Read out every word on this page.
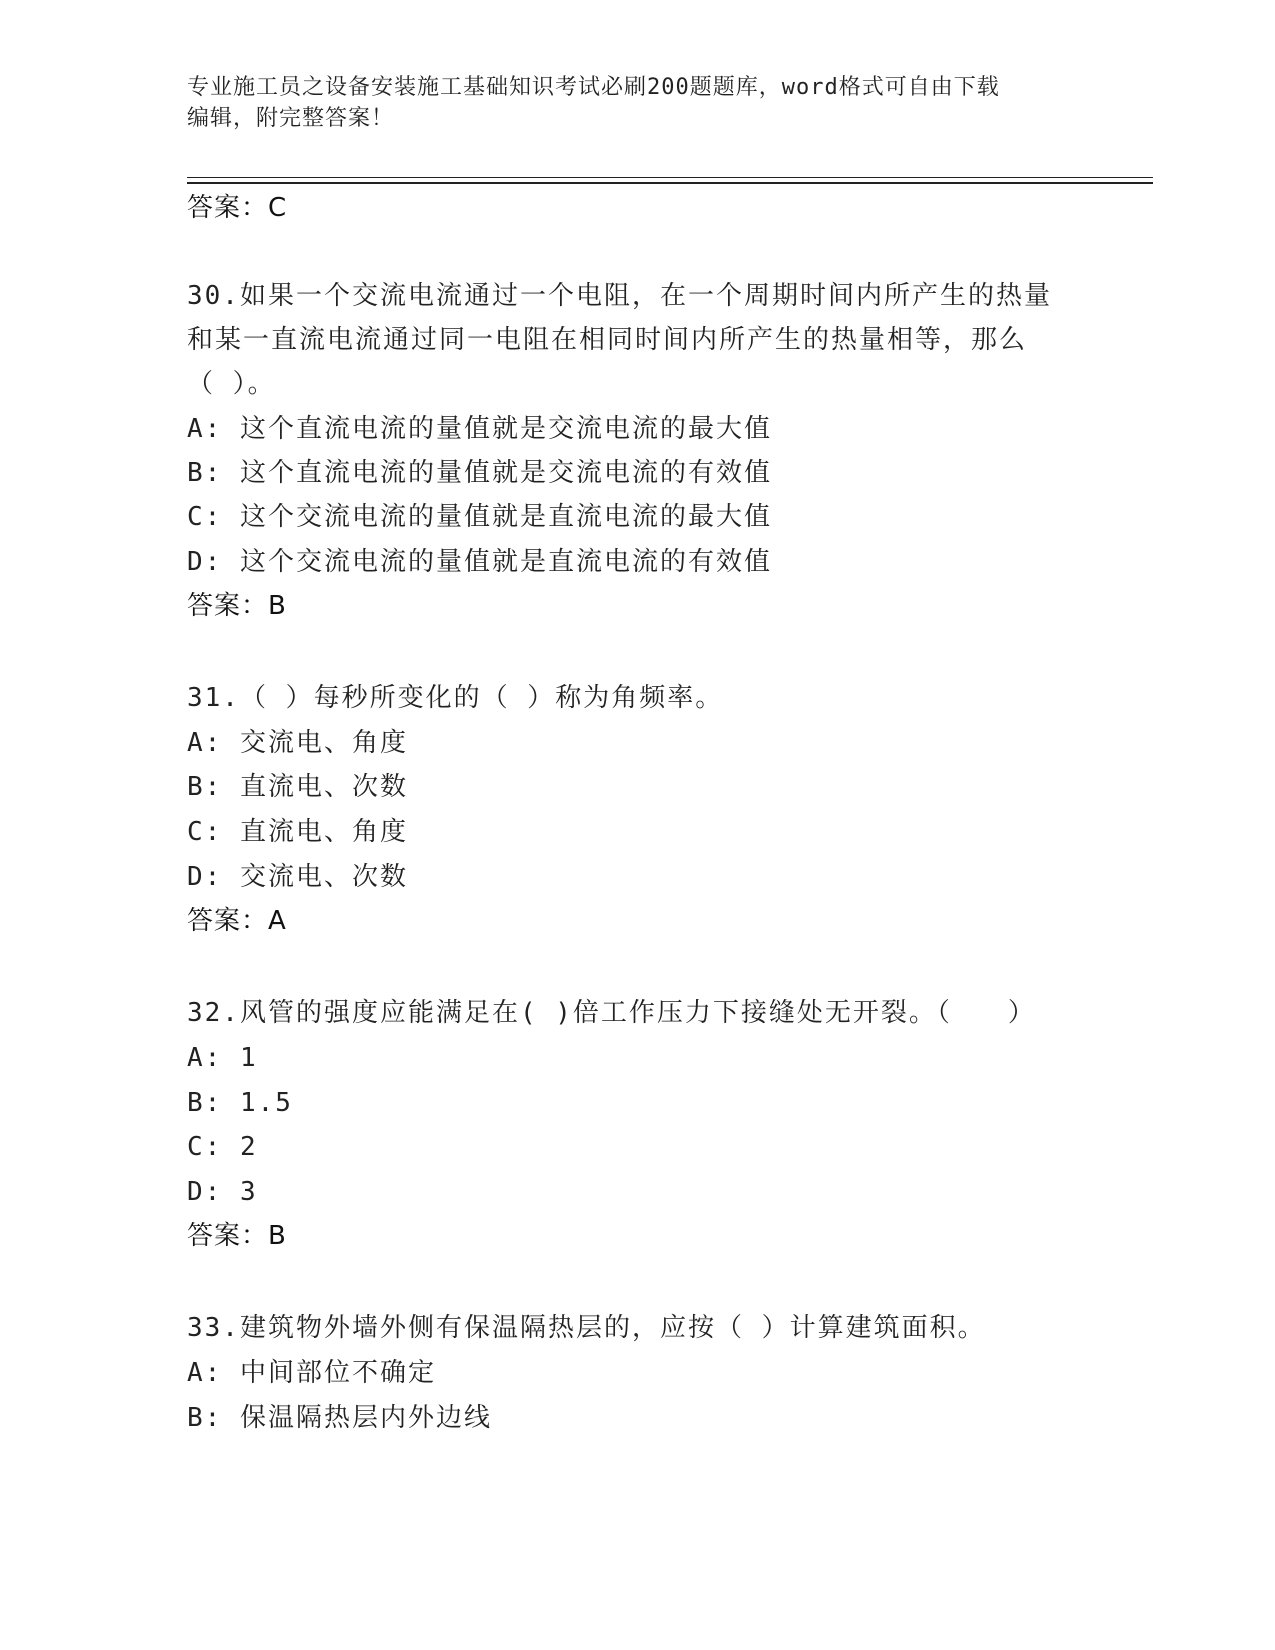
专业施工员之设备安装施工基础知识考试必刷200题题库，word格式可自由下载
编辑，附完整答案！
答案：C
30.如果一个交流电流通过一个电阻，在一个周期时间内所产生的热量
和某一直流电流通过同一电阻在相同时间内所产生的热量相等，那么
（ ）。
A: 这个直流电流的量值就是交流电流的最大值
B: 这个直流电流的量值就是交流电流的有效值
C: 这个交流电流的量值就是直流电流的最大值
D: 这个交流电流的量值就是直流电流的有效值
答案：B
31.（ ）每秒所变化的（ ）称为角频率。
A: 交流电、角度
B: 直流电、次数
C: 直流电、角度
D: 交流电、次数
答案：A
32.风管的强度应能满足在( )倍工作压力下接缝处无开裂。（　　）
A: 1
B: 1.5
C: 2
D: 3
答案：B
33.建筑物外墙外侧有保温隔热层的，应按（ ）计算建筑面积。
A: 中间部位不确定
B: 保温隔热层内外边线
